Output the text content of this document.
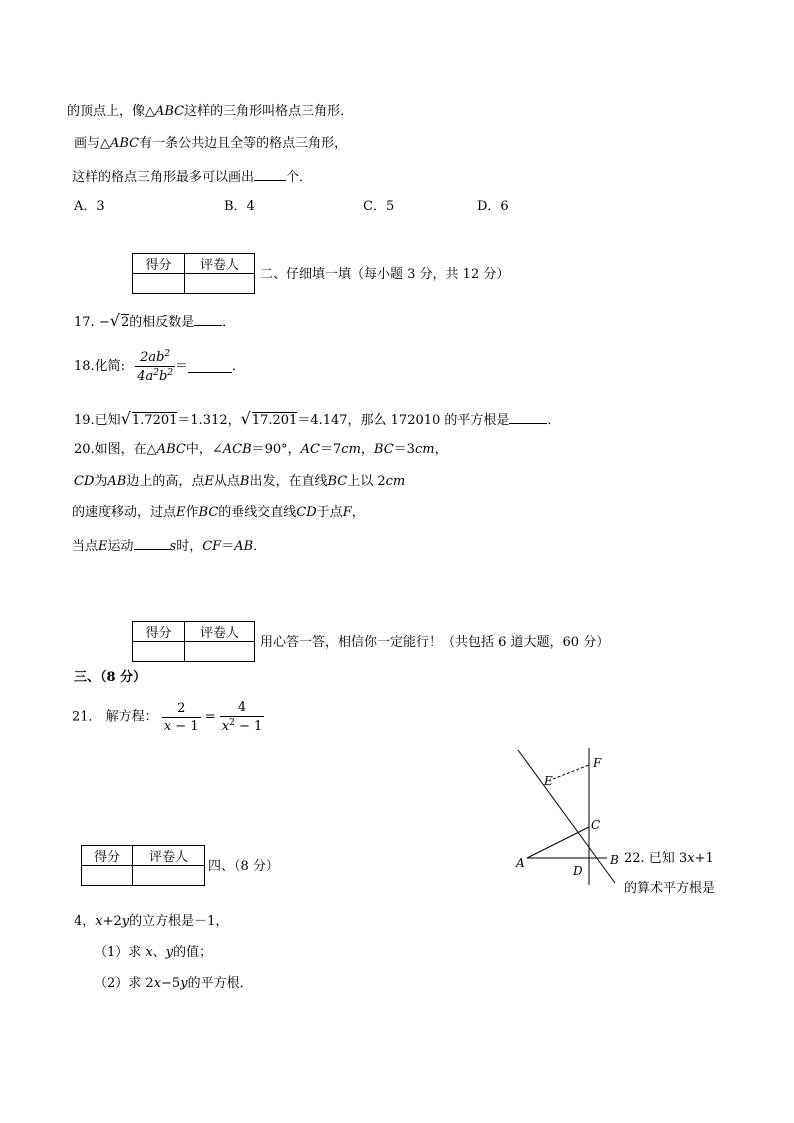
的顶点上，像△ABC这样的三角形叫格点三角形．
画与△ABC有一条公共边且全等的格点三角形，
这样的格点三角形最多可以画出 个．
A．3	B．4	C．5	D．6
得分	评卷人

二、仔细填一填（每小题 3 分，共 12 分）
17. −√2的相反数是 ．
18.化简: $\frac{2ab^2}{4a^2b^2}$ ＝	．
19.已知√1.7201＝1.312，√17.201＝4.147，那么 172010 的平方根是	．
20.如图，在△ABC中，∠ACB＝90°，AC＝7cm，BC＝3cm，
CD为AB边上的高，点E从点B出发，在直线BC上以 2cm
的速度移动，过点E作BC的垂线交直线CD于点F，
当点E运动	s时，CF＝AB．
得分	评卷人

用心答一答，相信你一定能行！（共包括 6 道大题，60 分）
三、（8 分）
21． 解方程： $\frac{2}{x - 1} = \frac{4}{x^2 - 1}$
E
F
C
A	B
D
得分	评卷人

四、（8 分）
22. 已知 3x+1
的算术平方根是
4，x+2y的立方根是－1，
（1）求 x、y的值；
（2）求 2x−5y的平方根．
